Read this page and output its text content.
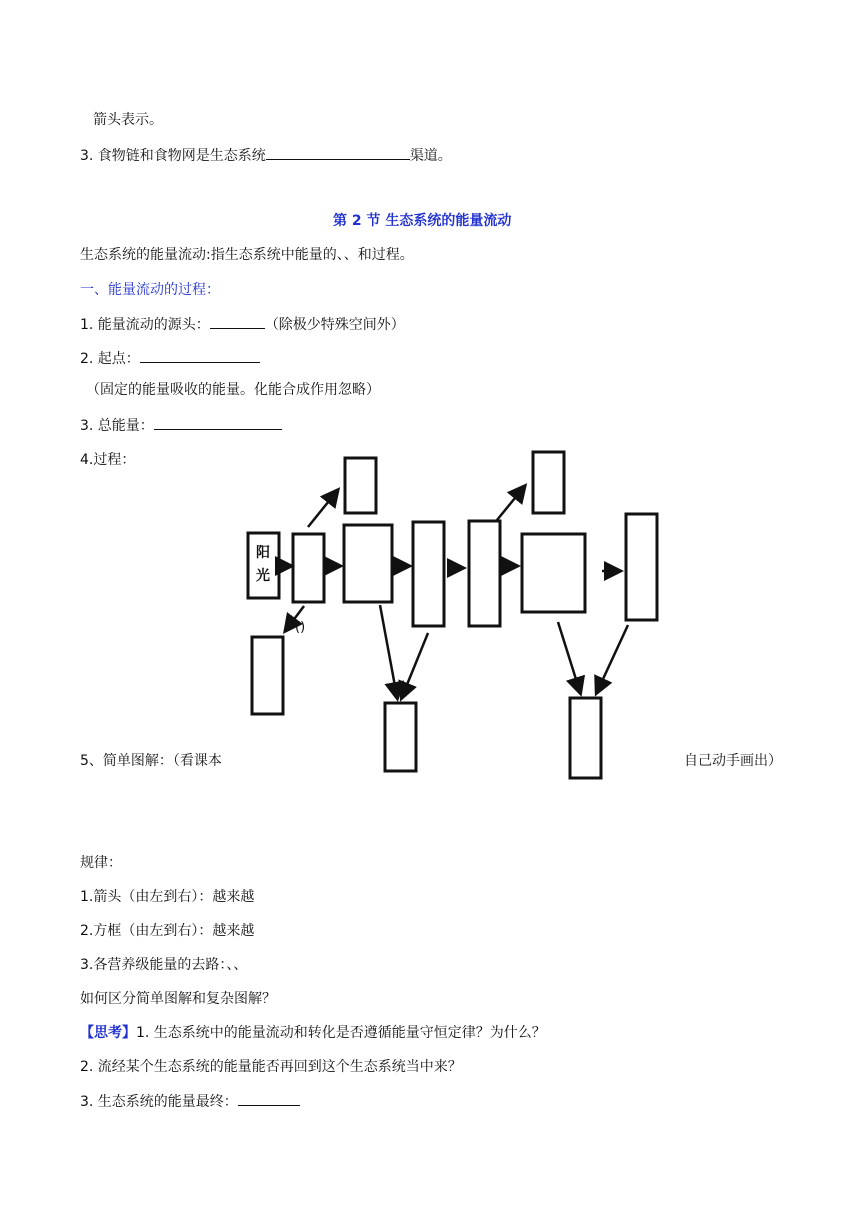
箭头表示。
3. 食物链和食物网是生态系统	渠道。
第 2 节 生态系统的能量流动
生态系统的能量流动:指生态系统中能量的、、和过程。
一、能量流动的过程：
1. 能量流动的源头：	（除极少特殊空间外）
2. 起点：
（固定的能量吸收的能量。化能合成作用忽略）
3. 总能量：
4.过程：
阳
光
()
5、简单图解：（看课本	自己动手画出）
规律：
1.箭头（由左到右）：越来越
2.方框（由左到右）：越来越
3.各营养级能量的去路：、、
如何区分简单图解和复杂图解？
【思考】1. 生态系统中的能量流动和转化是否遵循能量守恒定律？为什么？
2. 流经某个生态系统的能量能否再回到这个生态系统当中来？
3. 生态系统的能量最终：
